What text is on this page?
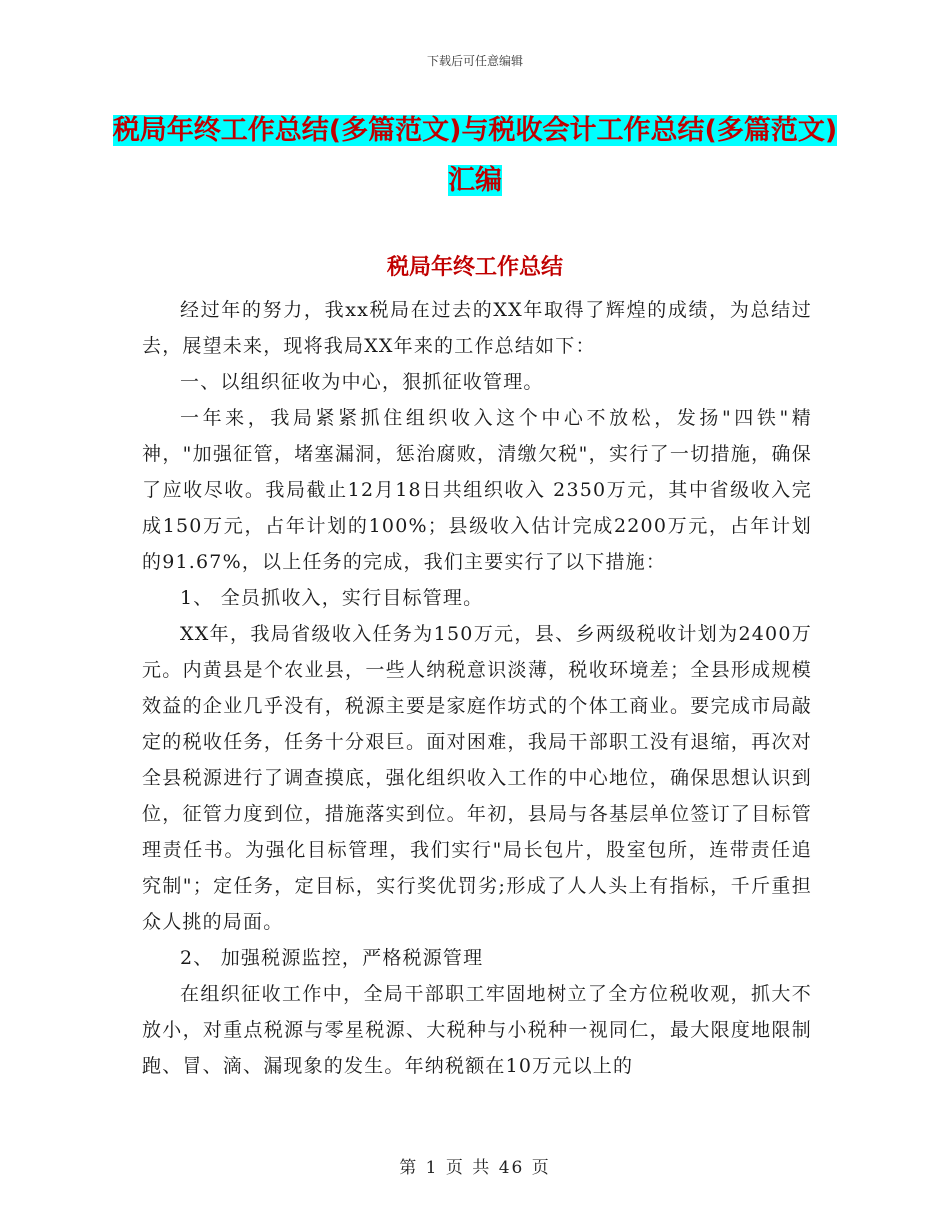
下载后可任意编辑
税局年终工作总结(多篇范文)与税收会计工作总结(多篇范文)汇编
税局年终工作总结

经过年的努力，我xx税局在过去的XX年取得了辉煌的成绩，为总结过去，展望未来，现将我局XX年来的工作总结如下：

一、以组织征收为中心，狠抓征收管理。

一年来，我局紧紧抓住组织收入这个中心不放松，发扬"四铁"精神，"加强征管，堵塞漏洞，惩治腐败，清缴欠税"，实行了一切措施，确保了应收尽收。我局截止12月18日共组织收入 2350万元，其中省级收入完成150万元，占年计划的100%；县级收入估计完成2200万元，占年计划的91.67%，以上任务的完成，我们主要实行了以下措施：

1、 全员抓收入，实行目标管理。

XX年，我局省级收入任务为150万元，县、乡两级税收计划为2400万元。内黄县是个农业县，一些人纳税意识淡薄，税收环境差；全县形成规模效益的企业几乎没有，税源主要是家庭作坊式的个体工商业。要完成市局敲定的税收任务，任务十分艰巨。面对困难，我局干部职工没有退缩，再次对全县税源进行了调查摸底，强化组织收入工作的中心地位，确保思想认识到位，征管力度到位，措施落实到位。年初，县局与各基层单位签订了目标管理责任书。为强化目标管理，我们实行"局长包片，股室包所，连带责任追究制"；定任务，定目标，实行奖优罚劣;形成了人人头上有指标，千斤重担众人挑的局面。

2、 加强税源监控，严格税源管理

在组织征收工作中，全局干部职工牢固地树立了全方位税收观，抓大不放小，对重点税源与零星税源、大税种与小税种一视同仁，最大限度地限制跑、冒、滴、漏现象的发生。年纳税额在10万元以上的

第 1 页 共 46 页
